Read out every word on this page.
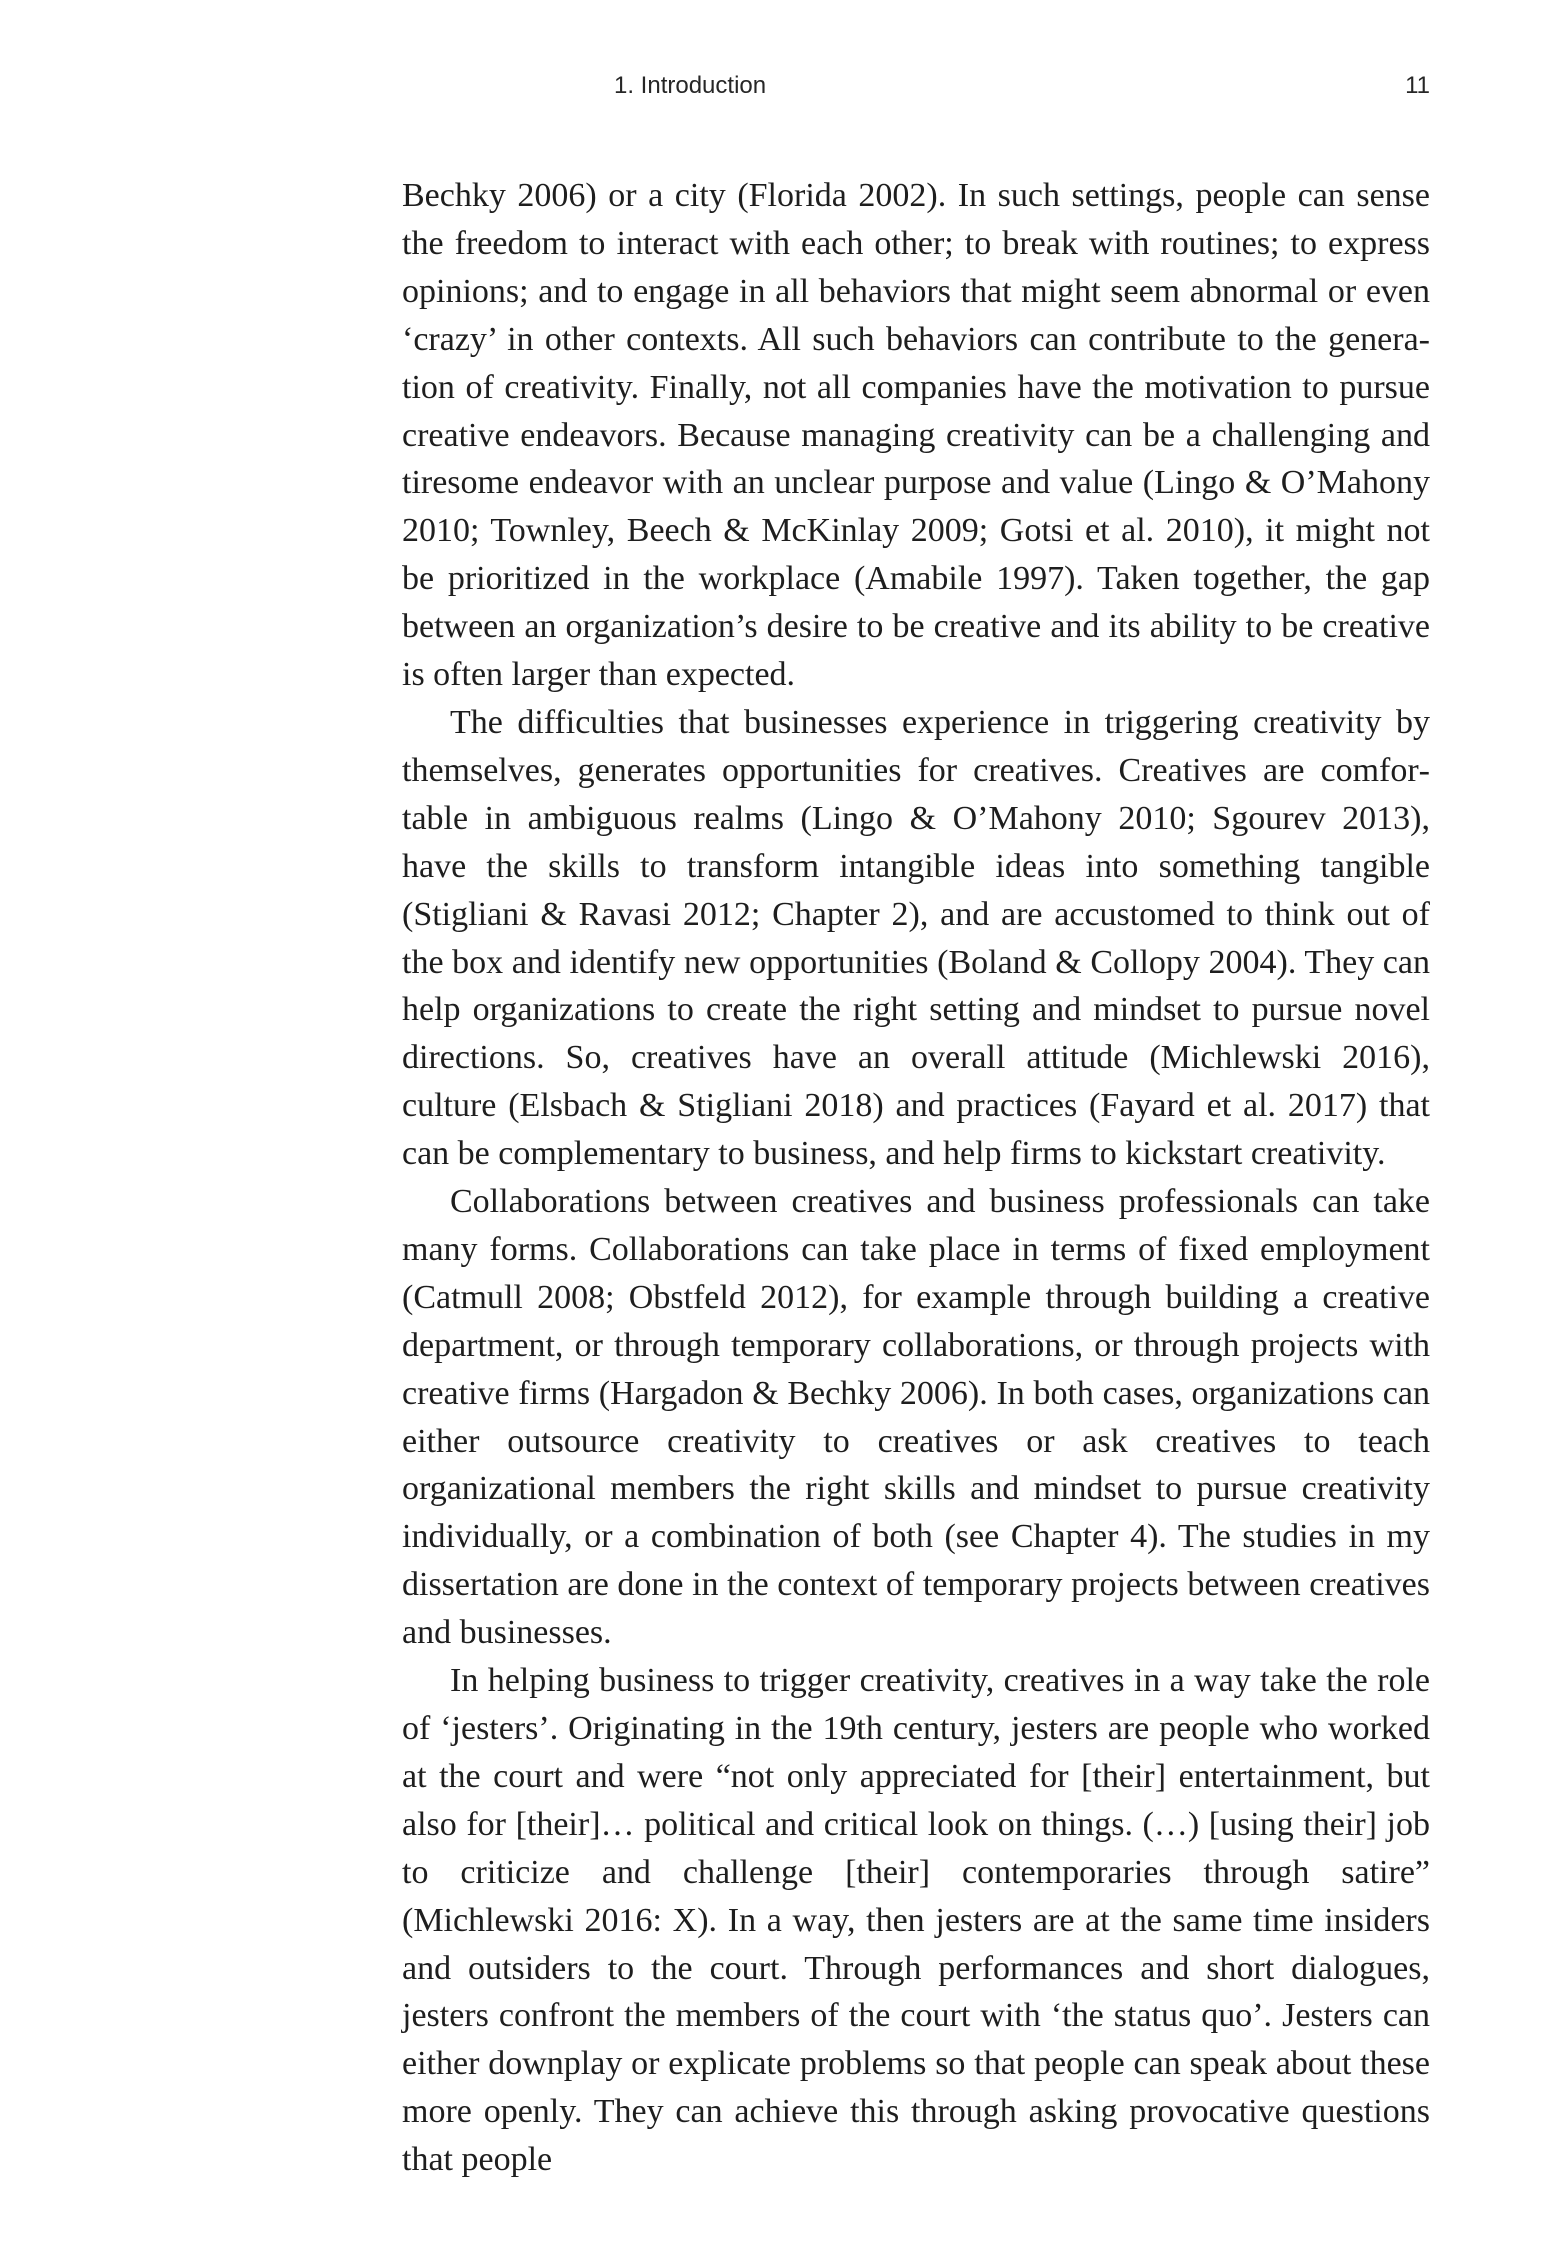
1. Introduction	11

Bechky 2006) or a city (Florida 2002). In such settings, people can sense the freedom to interact with each other; to break with routines; to express opinions; and to engage in all behaviors that might seem abnormal or even ‘crazy’ in other contexts. All such behaviors can contribute to the generation of creativity. Finally, not all companies have the motivation to pursue creative endeavors. Because managing creativity can be a challenging and tiresome endeavor with an unclear purpose and value (Lingo & O’Mahony 2010; Townley, Beech & McKinlay 2009; Gotsi et al. 2010), it might not be prioritized in the workplace (Amabile 1997). Taken together, the gap between an organization’s desire to be creative and its ability to be creative is often larger than expected.

The difficulties that businesses experience in triggering creativity by themselves, generates opportunities for creatives. Creatives are comfortable in ambiguous realms (Lingo & O’Mahony 2010; Sgourev 2013), have the skills to transform intangible ideas into something tangible (Stigliani & Ravasi 2012; Chapter 2), and are accustomed to think out of the box and identify new opportunities (Boland & Collopy 2004). They can help organizations to create the right setting and mindset to pursue novel directions. So, creatives have an overall attitude (Michlewski 2016), culture (Elsbach & Stigliani 2018) and practices (Fayard et al. 2017) that can be complementary to business, and help firms to kickstart creativity.

Collaborations between creatives and business professionals can take many forms. Collaborations can take place in terms of fixed employment (Catmull 2008; Obstfeld 2012), for example through building a creative department, or through temporary collaborations, or through projects with creative firms (Hargadon & Bechky 2006). In both cases, organizations can either outsource creativity to creatives or ask creatives to teach organizational members the right skills and mindset to pursue creativity individually, or a combination of both (see Chapter 4). The studies in my dissertation are done in the context of temporary projects between creatives and businesses.

In helping business to trigger creativity, creatives in a way take the role of ‘jesters’. Originating in the 19th century, jesters are people who worked at the court and were “not only appreciated for [their] entertainment, but also for [their]… political and critical look on things. (…) [using their] job to criticize and challenge [their] contemporaries through satire” (Michlewski 2016: X). In a way, then jesters are at the same time insiders and outsiders to the court. Through performances and short dialogues, jesters confront the members of the court with ‘the status quo’. Jesters can either downplay or explicate problems so that people can speak about these more openly. They can achieve this through asking provocative questions that people
